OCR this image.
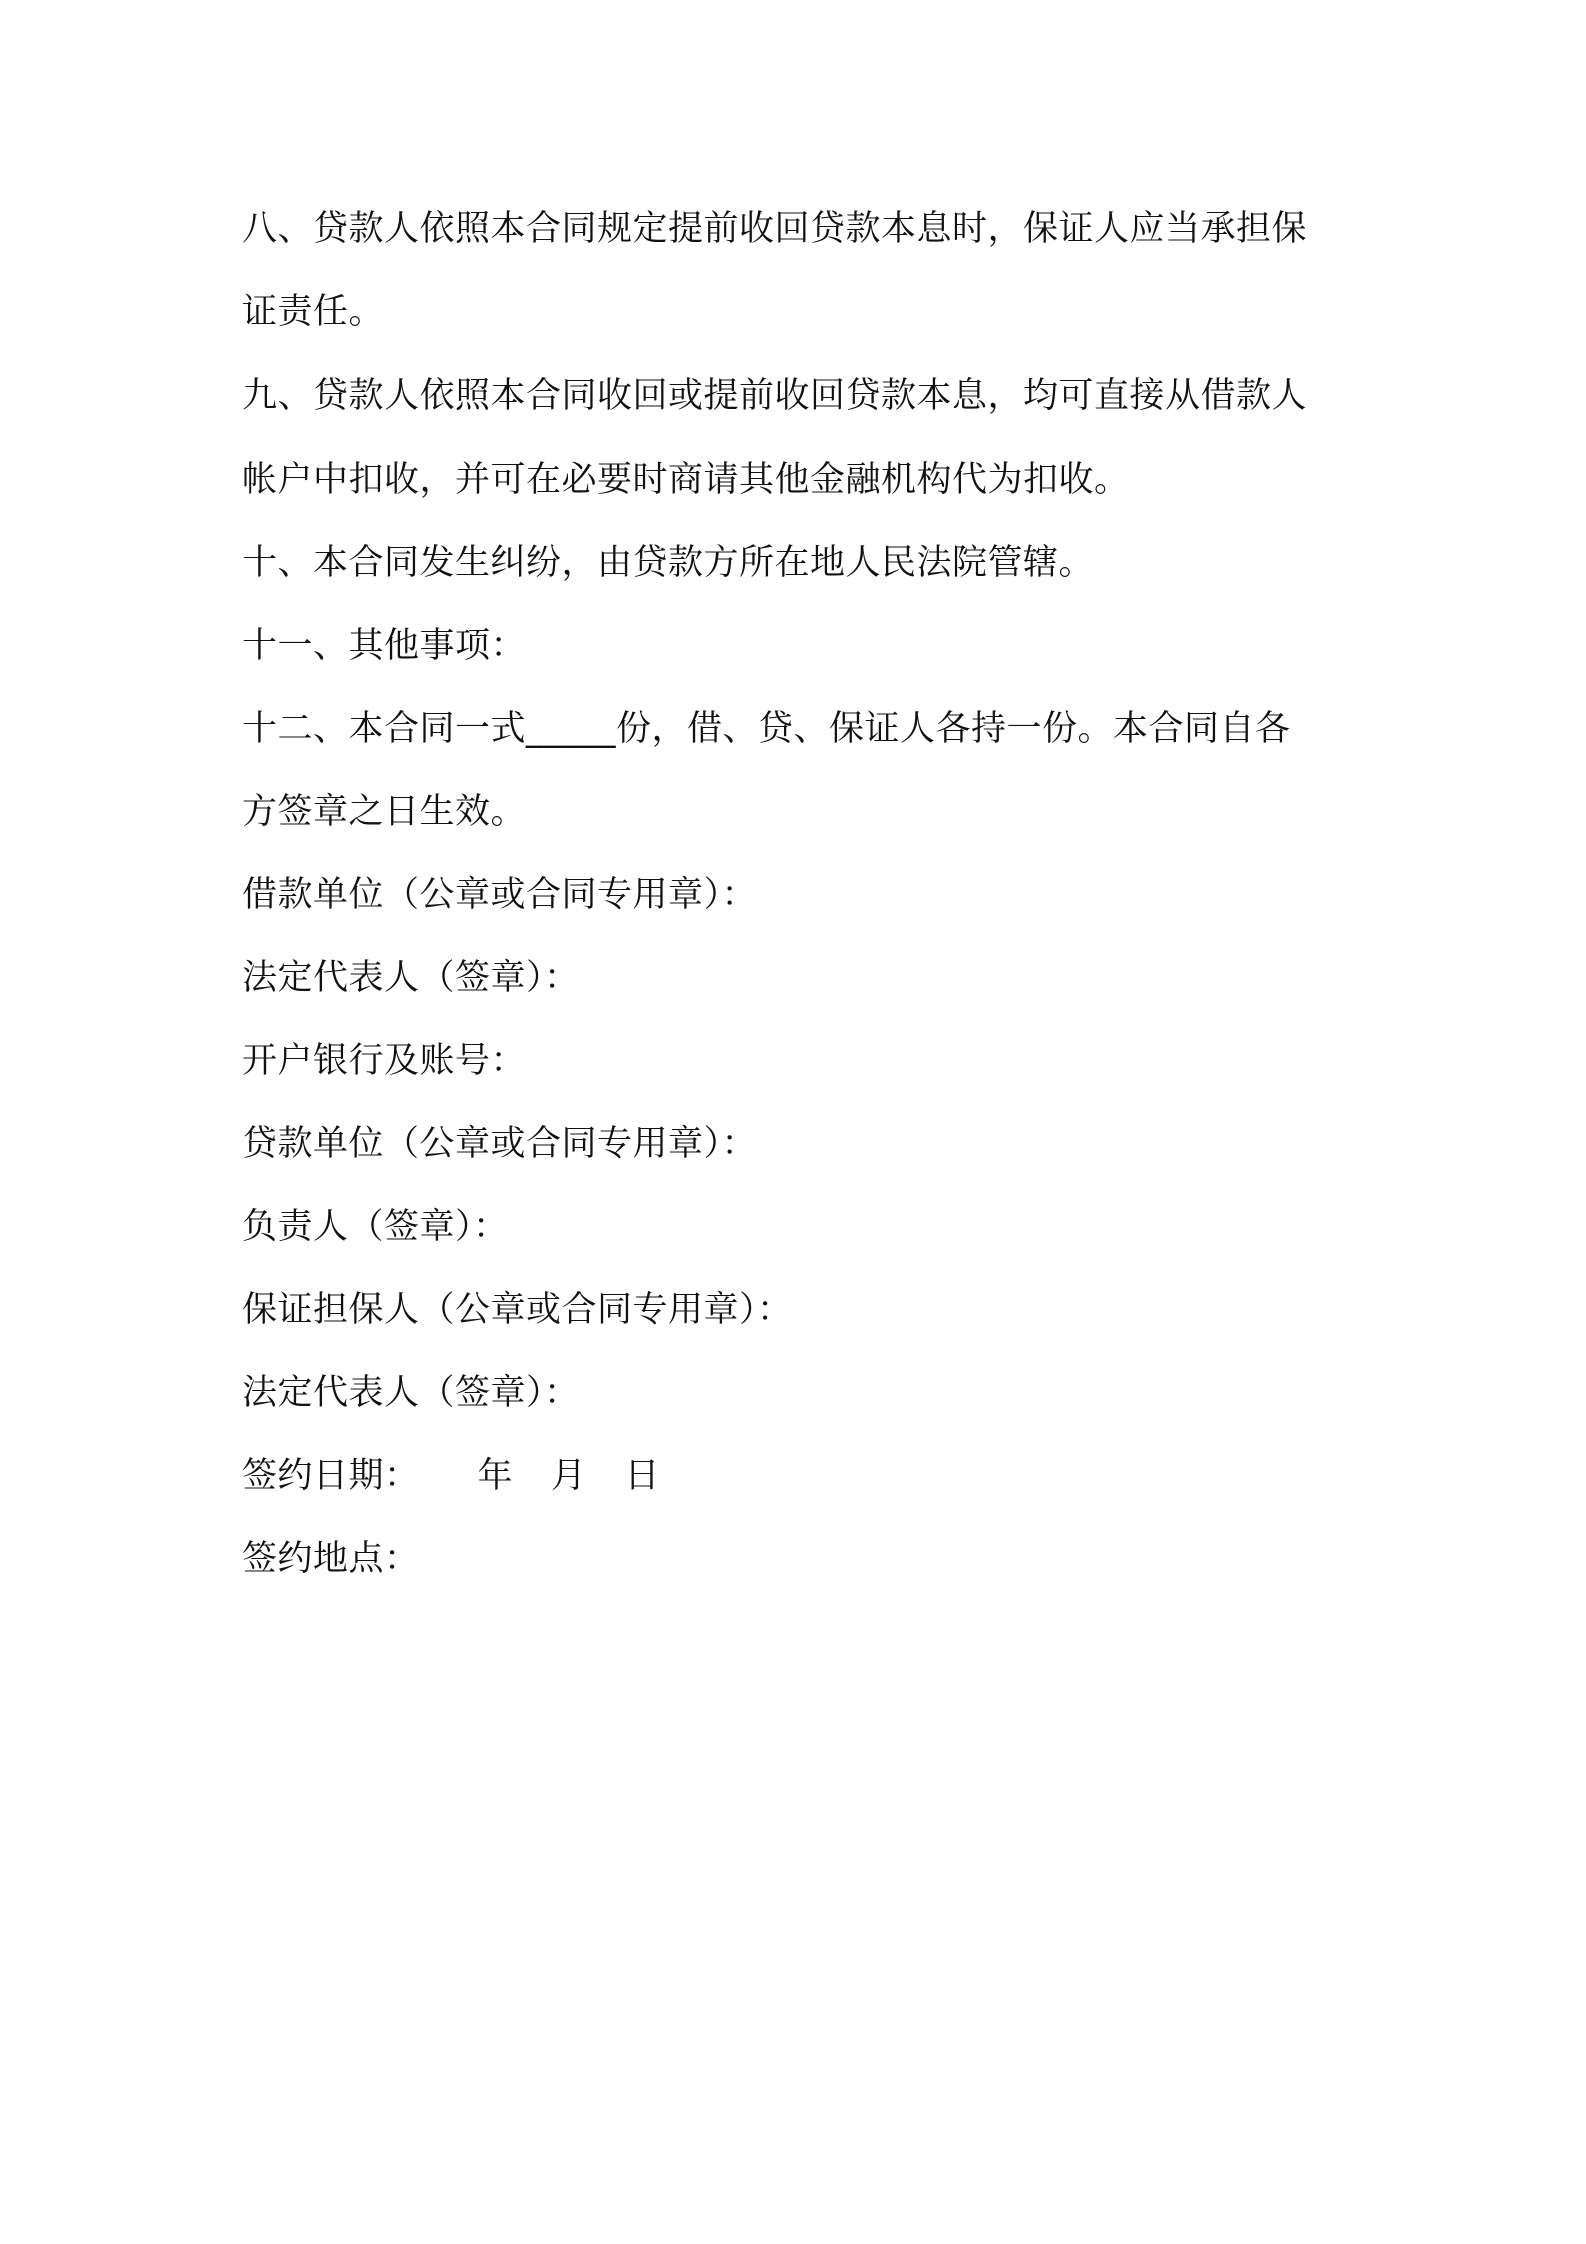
八、贷款人依照本合同规定提前收回贷款本息时，保证人应当承担保

证责任。

九、贷款人依照本合同收回或提前收回贷款本息，均可直接从借款人

帐户中扣收，并可在必要时商请其他金融机构代为扣收。

十、本合同发生纠纷，由贷款方所在地人民法院管辖。

十一、其他事项：

十二、本合同一式_____份，借、贷、保证人各持一份。本合同自各

方签章之日生效。

借款单位（公章或合同专用章）：

法定代表人（签章）：

开户银行及账号：

贷款单位（公章或合同专用章）：

负责人（签章）：

保证担保人（公章或合同专用章）：

法定代表人（签章）：

签约日期： 年 月 日

签约地点：
